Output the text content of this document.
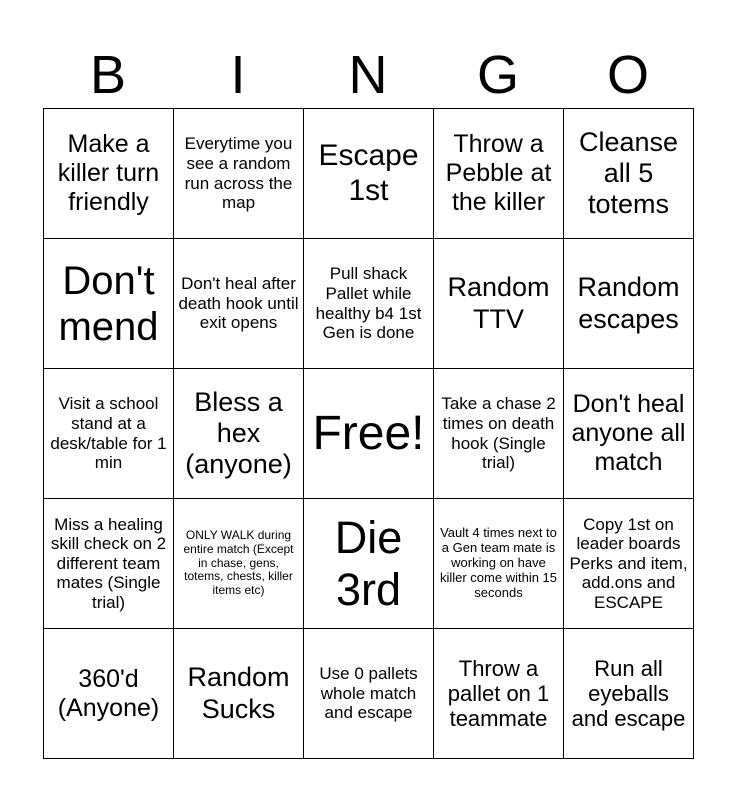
B	I	N	G	O
Make a killer turn friendly	Everytime you see a random run across the map	Escape 1st	Throw a Pebble at the killer	Cleanse all 5 totems
Don't mend	Don't heal after death hook until exit opens	Pull shack Pallet while healthy b4 1st Gen is done	Random TTV	Random escapes
Visit a school stand at a desk/table for 1 min	Bless a hex (anyone)	Free!	Take a chase 2 times on death hook (Single trial)	Don't heal anyone all match
Miss a healing skill check on 2 different team mates (Single trial)	ONLY WALK during entire match (Except in chase, gens, totems, chests, killer items etc)	Die 3rd	Vault 4 times next to a Gen team mate is working on have killer come within 15 seconds	Copy 1st on leader boards Perks and item, add.ons and ESCAPE
360'd (Anyone)	Random Sucks	Use 0 pallets whole match and escape	Throw a pallet on 1 teammate	Run all eyeballs and escape
